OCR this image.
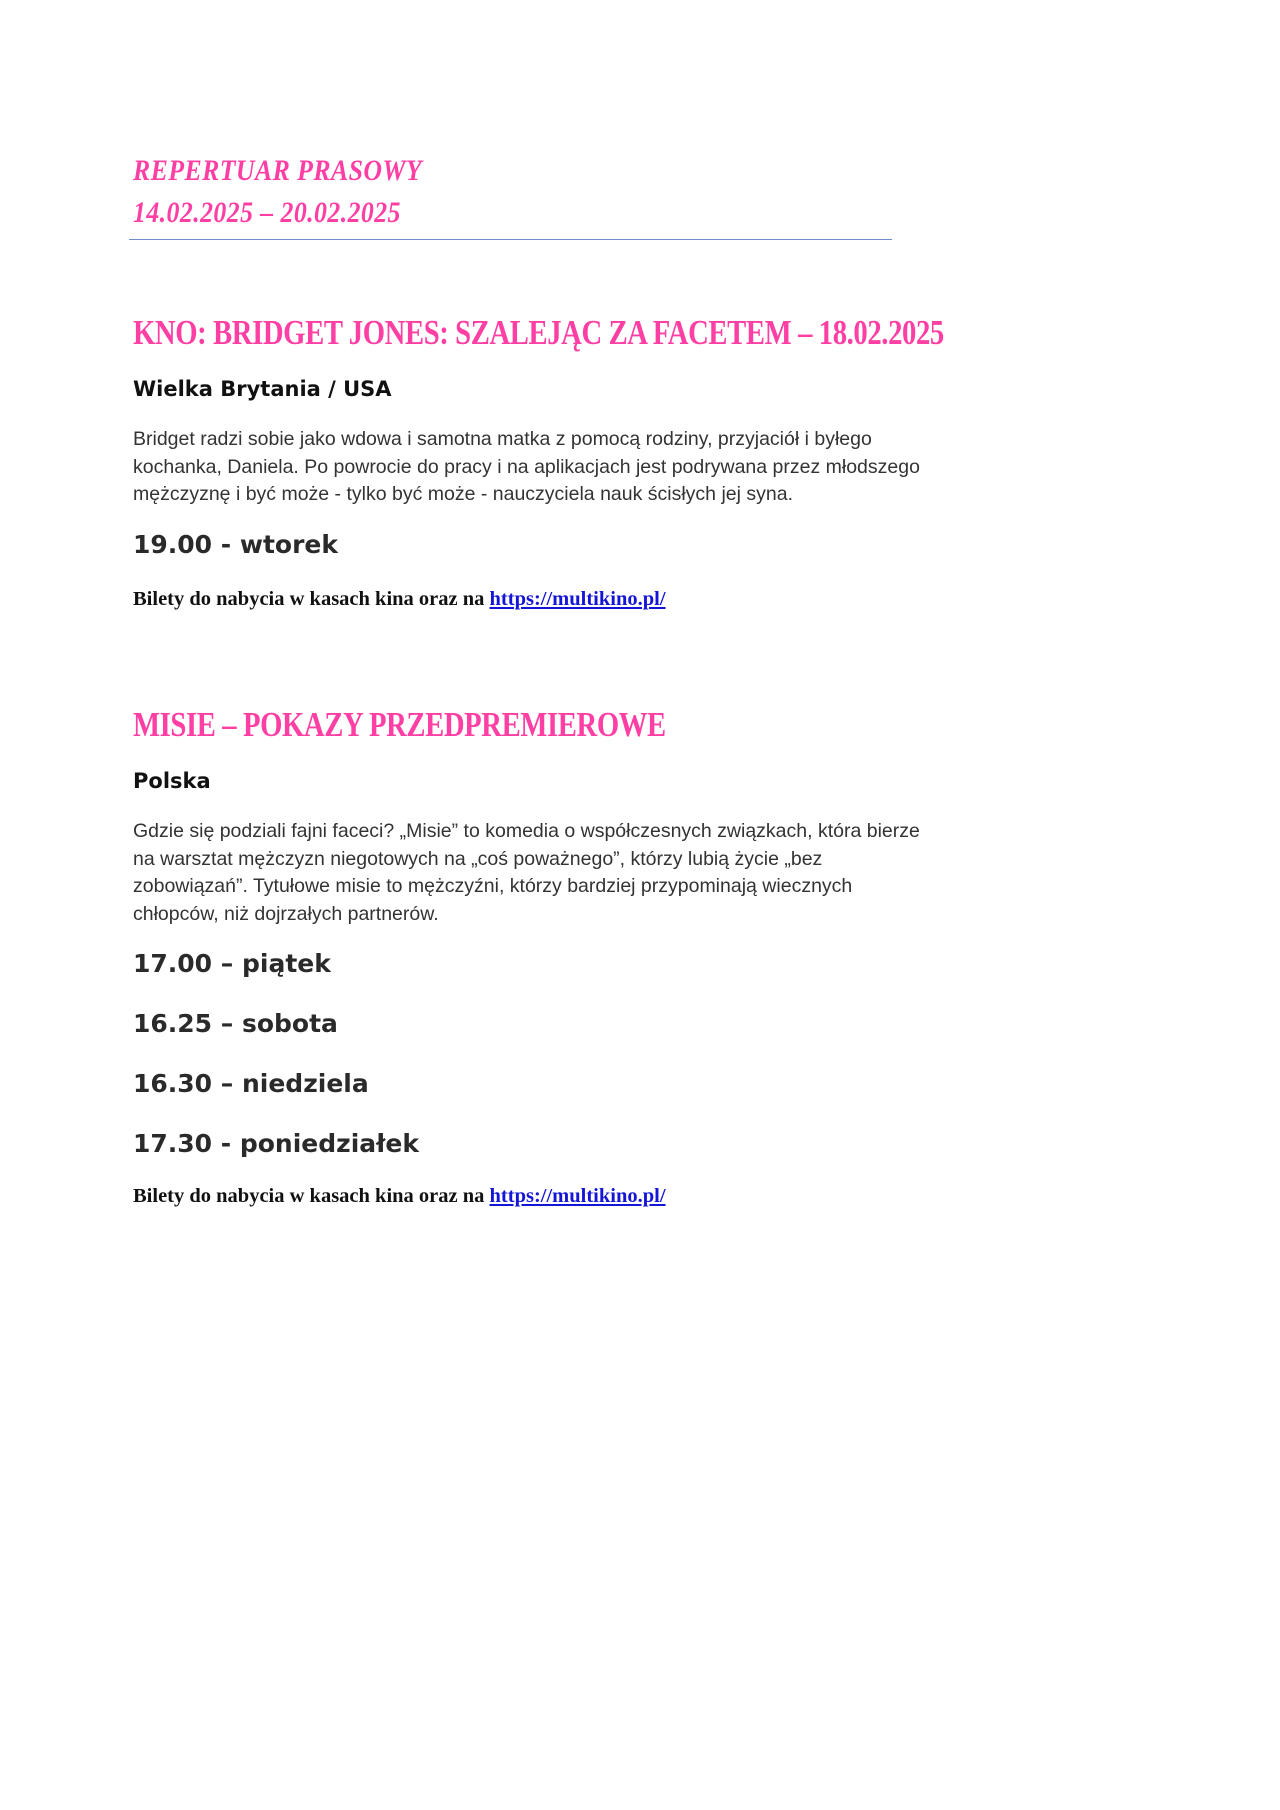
REPERTUAR PRASOWY

14.02.2025 – 20.02.2025

KNO: BRIDGET JONES: SZALEJĄC ZA FACETEM – 18.02.2025

Wielka Brytania / USA

Bridget radzi sobie jako wdowa i samotna matka z pomocą rodziny, przyjaciół i byłego

kochanka, Daniela. Po powrocie do pracy i na aplikacjach jest podrywana przez młodszego

mężczyznę i być może - tylko być może - nauczyciela nauk ścisłych jej syna.

19.00 - wtorek

Bilety do nabycia w kasach kina oraz na https://multikino.pl/

MISIE – POKAZY PRZEDPREMIEROWE

Polska

Gdzie się podziali fajni faceci? „Misie” to komedia o współczesnych związkach, która bierze

na warsztat mężczyzn niegotowych na „coś poważnego”, którzy lubią życie „bez

zobowiązań”. Tytułowe misie to mężczyźni, którzy bardziej przypominają wiecznych

chłopców, niż dojrzałych partnerów.

17.00 – piątek

16.25 – sobota

16.30 – niedziela

17.30 - poniedziałek

Bilety do nabycia w kasach kina oraz na https://multikino.pl/
